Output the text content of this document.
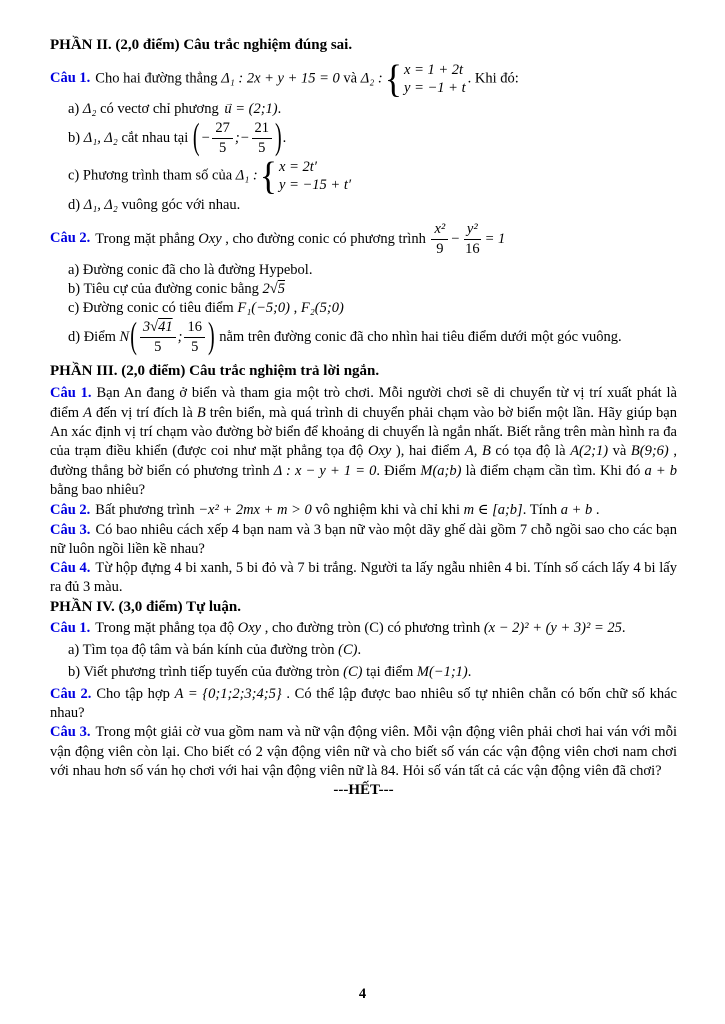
PHẦN II. (2,0 điểm) Câu trắc nghiệm đúng sai.
Câu 1. Cho hai đường thẳng Δ₁ : 2x + y + 15 = 0 và Δ₂ : { x = 1 + 2t
y = −1 + t
. Khi đó:
a) Δ₂ có vectơ chỉ phương u → = (2;1).
b) Δ₁, Δ₂ cắt nhau tại (− $\frac{27}{5}$ ;− $\frac{21}{5}$ ).
c) Phương trình tham số của Δ₁ : { x = 2t′
y = −15 + t′
d) Δ₁, Δ₂ vuông góc với nhau.
Câu 2. Trong mặt phẳng Oxy , cho đường conic có phương trình $\frac{\text{x²}}{9} - \frac{\text{y²}}{16} = 1$
a) Đường conic đã cho là đường Hypebol.
b) Tiêu cự của đường conic bằng 2√5
c) Đường conic có tiêu điểm F₁(−5;0) , F₂(5;0)
d) Điểm $N( \frac{3√41}{5}$ ; $\frac{16}{5}$ ) nằm trên đường conic đã cho nhìn hai tiêu điểm dưới một góc vuông.
PHẦN III. (2,0 điểm) Câu trắc nghiệm trả lời ngắn.
Câu 1. Bạn An đang ở biển và tham gia một trò chơi. Mỗi người chơi sẽ di chuyển từ vị trí xuất phát là điểm A đến vị trí đích là B trên biển, mà quá trình di chuyển phải chạm vào bờ biển một lần. Hãy giúp bạn An xác định vị trí chạm vào đường bờ biển để khoảng di chuyển là ngắn nhất. Biết rằng trên màn hình ra đa của trạm điều khiển (được coi như mặt phẳng tọa độ Oxy ), hai điểm A, B có tọa độ là A(2;1) và B(9;6) , đường thẳng bờ biển có phương trình Δ : x − y + 1 = 0. Điểm M(a;b) là điểm chạm cần tìm. Khi đó a + b bằng bao nhiêu?
Câu 2. Bất phương trình −x² + 2mx + m > 0 vô nghiệm khi và chỉ khi m ∈ [a;b]. Tính a + b .
Câu 3. Có bao nhiêu cách xếp 4 bạn nam và 3 bạn nữ vào một dãy ghế dài gồm 7 chỗ ngồi sao cho các bạn nữ luôn ngồi liền kề nhau?
Câu 4. Từ hộp đựng 4 bi xanh, 5 bi đỏ và 7 bi trắng. Người ta lấy ngẫu nhiên 4 bi. Tính số cách lấy 4 bi lấy ra đủ 3 màu.
PHẦN IV. (3,0 điểm) Tự luận.
Câu 1. Trong mặt phẳng tọa độ Oxy , cho đường tròn (C) có phương trình (x − 2)² + (y + 3)² = 25.
a) Tìm tọa độ tâm và bán kính của đường tròn (C).
b) Viết phương trình tiếp tuyến của đường tròn (C) tại điểm M(−1;1).
Câu 2. Cho tập hợp A = {0;1;2;3;4;5} . Có thể lập được bao nhiêu số tự nhiên chẵn có bốn chữ số khác nhau?
Câu 3. Trong một giải cờ vua gồm nam và nữ vận động viên. Mỗi vận động viên phải chơi hai ván với mỗi vận động viên còn lại. Cho biết có 2 vận động viên nữ và cho biết số ván các vận động viên chơi nam chơi với nhau hơn số ván họ chơi với hai vận động viên nữ là 84. Hỏi số ván tất cả các vận động viên đã chơi?
---HẾT---
4
